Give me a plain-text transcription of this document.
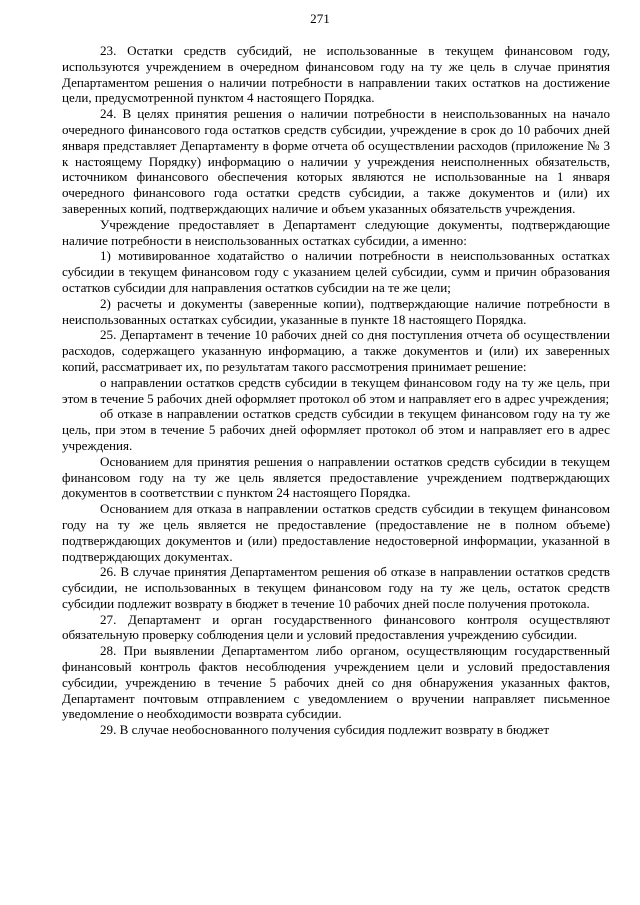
271

23. Остатки средств субсидий, не использованные в текущем финансовом году, используются учреждением в очередном финансовом году на ту же цель в случае принятия Департаментом решения о наличии потребности в направлении таких остатков на достижение цели, предусмотренной пунктом 4 настоящего Порядка.

24. В целях принятия решения о наличии потребности в неиспользованных на начало очередного финансового года остатков средств субсидии, учреждение в срок до 10 рабочих дней января представляет Департаменту в форме отчета об осуществлении расходов (приложение № 3 к настоящему Порядку) информацию о наличии у учреждения неисполненных обязательств, источником финансового обеспечения которых являются не использованные на 1 января очередного финансового года остатки средств субсидии, а также документов и (или) их заверенных копий, подтверждающих наличие и объем указанных обязательств учреждения.

Учреждение предоставляет в Департамент следующие документы, подтверждающие наличие потребности в неиспользованных остатках субсидии, а именно:

1) мотивированное ходатайство о наличии потребности в неиспользованных остатках субсидии в текущем финансовом году с указанием целей субсидии, сумм и причин образования остатков субсидии для направления остатков субсидии на те же цели;

2) расчеты и документы (заверенные копии), подтверждающие наличие потребности в неиспользованных остатках субсидии, указанные в пункте 18 настоящего Порядка.

25. Департамент в течение 10 рабочих дней со дня поступления отчета об осуществлении расходов, содержащего указанную информацию, а также документов и (или) их заверенных копий, рассматривает их, по результатам такого рассмотрения принимает решение:

о направлении остатков средств субсидии в текущем финансовом году на ту же цель, при этом в течение 5 рабочих дней оформляет протокол об этом и направляет его в адрес учреждения;

об отказе в направлении остатков средств субсидии в текущем финансовом году на ту же цель, при этом в течение 5 рабочих дней оформляет протокол об этом и направляет его в адрес учреждения.

Основанием для принятия решения о направлении остатков средств субсидии в текущем финансовом году на ту же цель является предоставление учреждением подтверждающих документов в соответствии с пунктом 24 настоящего Порядка.

Основанием для отказа в направлении остатков средств субсидии в текущем финансовом году на ту же цель является не предоставление (предоставление не в полном объеме) подтверждающих документов и (или) предоставление недостоверной информации, указанной в подтверждающих документах.

26. В случае принятия Департаментом решения об отказе в направлении остатков средств субсидии, не использованных в текущем финансовом году на ту же цель, остаток средств субсидии подлежит возврату в бюджет в течение 10 рабочих дней после получения протокола.

27. Департамент и орган государственного финансового контроля осуществляют обязательную проверку соблюдения цели и условий предоставления учреждению субсидии.

28. При выявлении Департаментом либо органом, осуществляющим государственный финансовый контроль фактов несоблюдения учреждением цели и условий предоставления субсидии, учреждению в течение 5 рабочих дней со дня обнаружения указанных фактов, Департамент почтовым отправлением с уведомлением о вручении направляет письменное уведомление о необходимости возврата субсидии.

29. В случае необоснованного получения субсидия подлежит возврату в бюджет
